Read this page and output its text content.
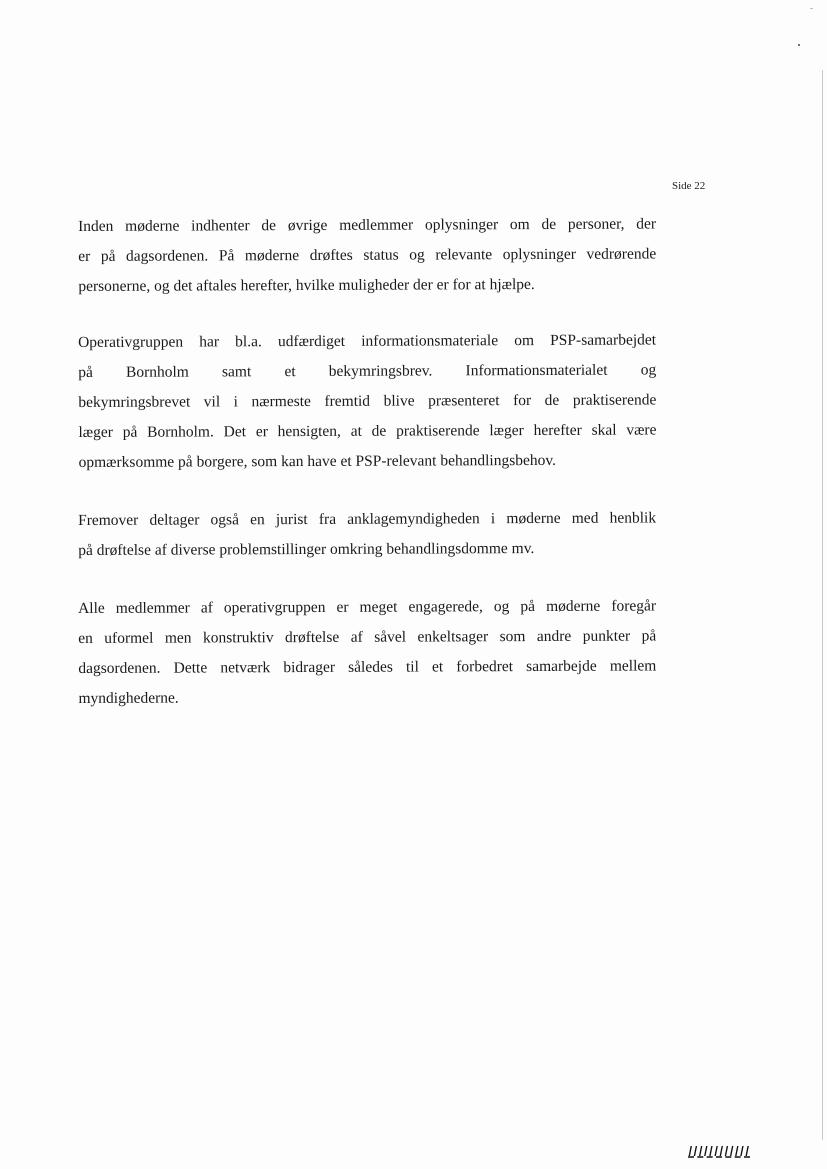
Side 22
Inden møderne indhenter de øvrige medlemmer oplysninger om de personer, der
er på dagsordenen. På møderne drøftes status og relevante oplysninger vedrørende
personerne, og det aftales herefter, hvilke muligheder der er for at hjælpe.
Operativgruppen har bl.a. udfærdiget informationsmateriale om PSP-samarbejdet
på Bornholm samt et bekymringsbrev. Informationsmaterialet og
bekymringsbrevet vil i nærmeste fremtid blive præsenteret for de praktiserende
læger på Bornholm. Det er hensigten, at de praktiserende læger herefter skal være
opmærksomme på borgere, som kan have et PSP-relevant behandlingsbehov.
Fremover deltager også en jurist fra anklagemyndigheden i møderne med henblik
på drøftelse af diverse problemstillinger omkring behandlingsdomme mv.
Alle medlemmer af operativgruppen er meget engagerede, og på møderne foregår
en uformel men konstruktiv drøftelse af såvel enkeltsager som andre punkter på
dagsordenen. Dette netværk bidrager således til et forbedret samarbejde mellem
myndighederne.
IIIIIIIIIIII
